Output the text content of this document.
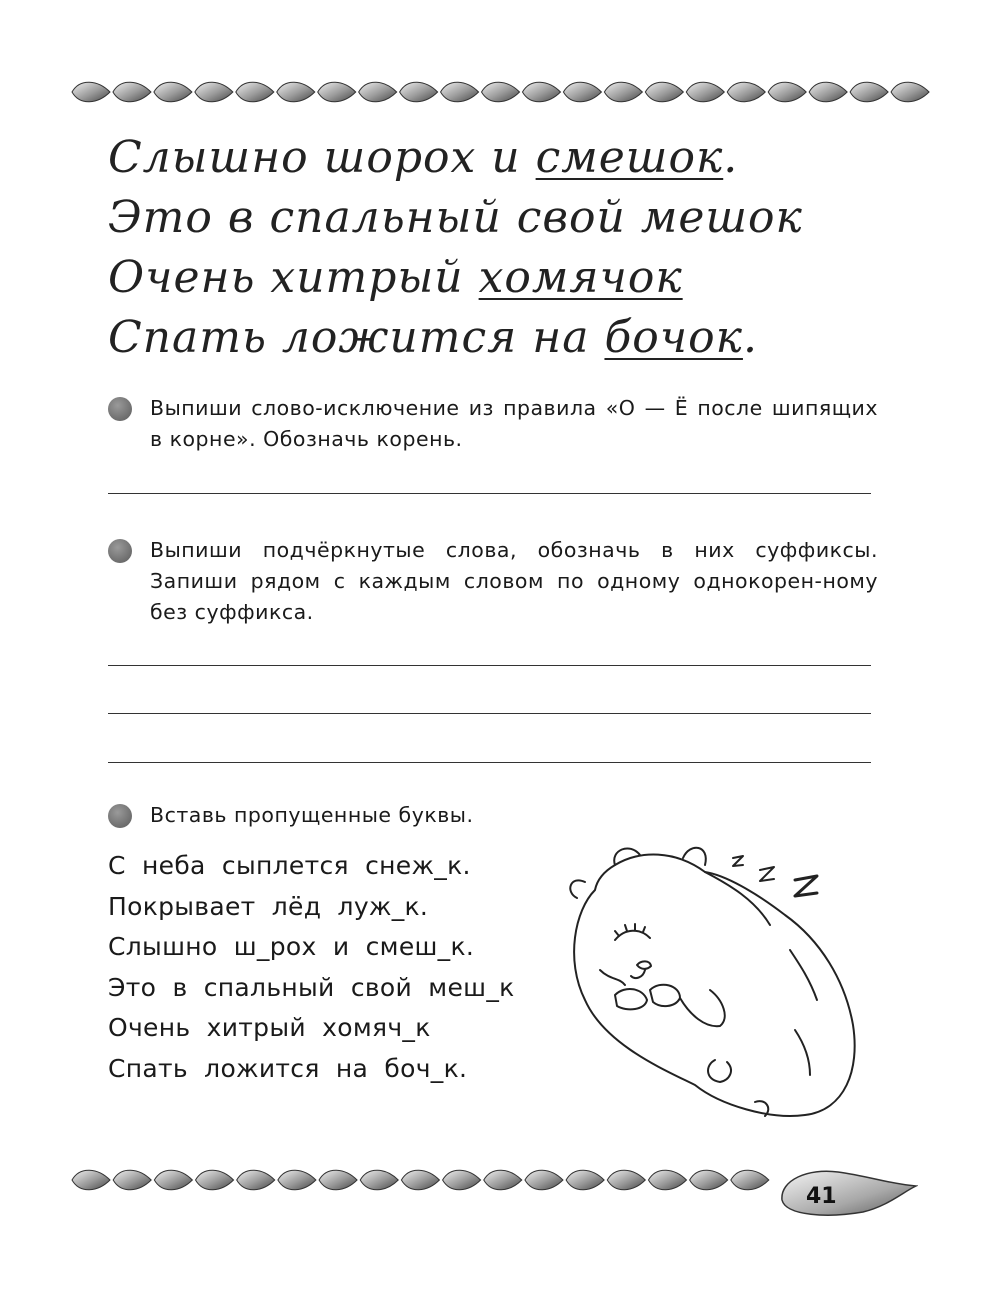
Слышно шорох и смешок.
Это в спальный свой мешок
Очень хитрый хомячок
Спать ложится на бочок.
Выпиши слово-исключение из правила «О — Ё после шипящих в корне». Обозначь корень.
Выпиши подчёркнутые слова, обозначь в них суффиксы. Запиши рядом с каждым словом по одному однокорен-ному без суффикса.
Вставь пропущенные буквы.
С неба сыплется снеж_к.
Покрывает лёд луж_к.
Слышно ш_рох и смеш_к.
Это в спальный свой меш_к
Очень хитрый хомяч_к
Спать ложится на боч_к.
41
